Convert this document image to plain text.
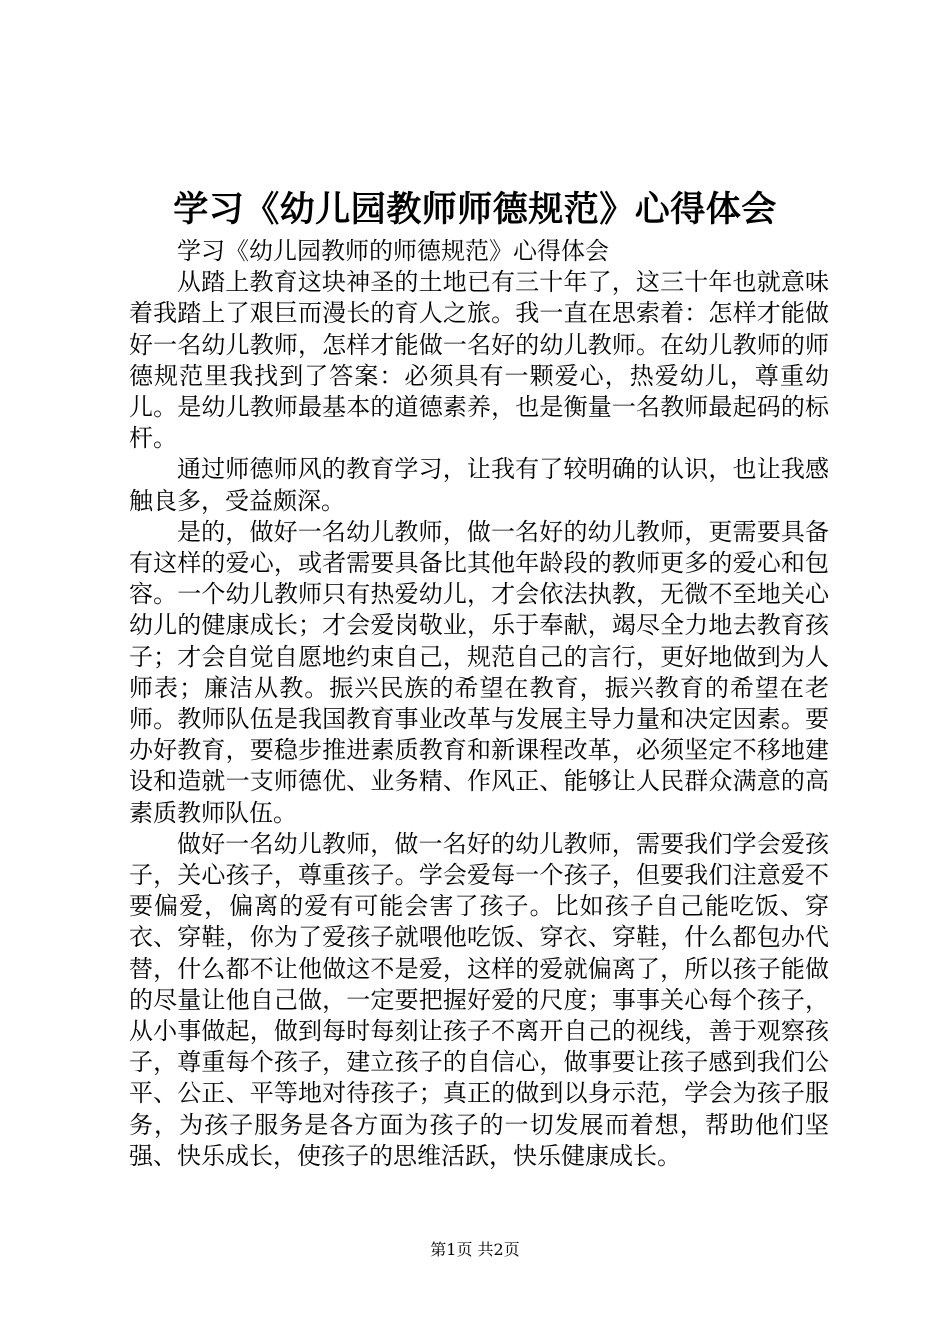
学习《幼儿园教师师德规范》心得体会
学习《幼儿园教师的师德规范》心得体会

从踏上教育这块神圣的土地已有三十年了，这三十年也就意味着我踏上了艰巨而漫长的育人之旅。我一直在思索着：怎样才能做好一名幼儿教师，怎样才能做一名好的幼儿教师。在幼儿教师的师德规范里我找到了答案：必须具有一颗爱心，热爱幼儿，尊重幼儿。是幼儿教师最基本的道德素养，也是衡量一名教师最起码的标杆。

通过师德师风的教育学习，让我有了较明确的认识，也让我感触良多，受益颇深。

是的，做好一名幼儿教师，做一名好的幼儿教师，更需要具备有这样的爱心，或者需要具备比其他年龄段的教师更多的爱心和包容。一个幼儿教师只有热爱幼儿，才会依法执教，无微不至地关心幼儿的健康成长；才会爱岗敬业，乐于奉献，竭尽全力地去教育孩子；才会自觉自愿地约束自己，规范自己的言行，更好地做到为人师表；廉洁从教。振兴民族的希望在教育，振兴教育的希望在老师。教师队伍是我国教育事业改革与发展主导力量和决定因素。要办好教育，要稳步推进素质教育和新课程改革，必须坚定不移地建设和造就一支师德优、业务精、作风正、能够让人民群众满意的高素质教师队伍。

做好一名幼儿教师，做一名好的幼儿教师，需要我们学会爱孩子，关心孩子，尊重孩子。学会爱每一个孩子，但要我们注意爱不要偏爱，偏离的爱有可能会害了孩子。比如孩子自己能吃饭、穿衣、穿鞋，你为了爱孩子就喂他吃饭、穿衣、穿鞋，什么都包办代替，什么都不让他做这不是爱，这样的爱就偏离了，所以孩子能做的尽量让他自己做，一定要把握好爱的尺度；事事关心每个孩子，从小事做起，做到每时每刻让孩子不离开自己的视线，善于观察孩子，尊重每个孩子，建立孩子的自信心，做事要让孩子感到我们公平、公正、平等地对待孩子；真正的做到以身示范，学会为孩子服务，为孩子服务是各方面为孩子的一切发展而着想，帮助他们坚强、快乐成长，使孩子的思维活跃，快乐健康成长。

第1页 共2页
